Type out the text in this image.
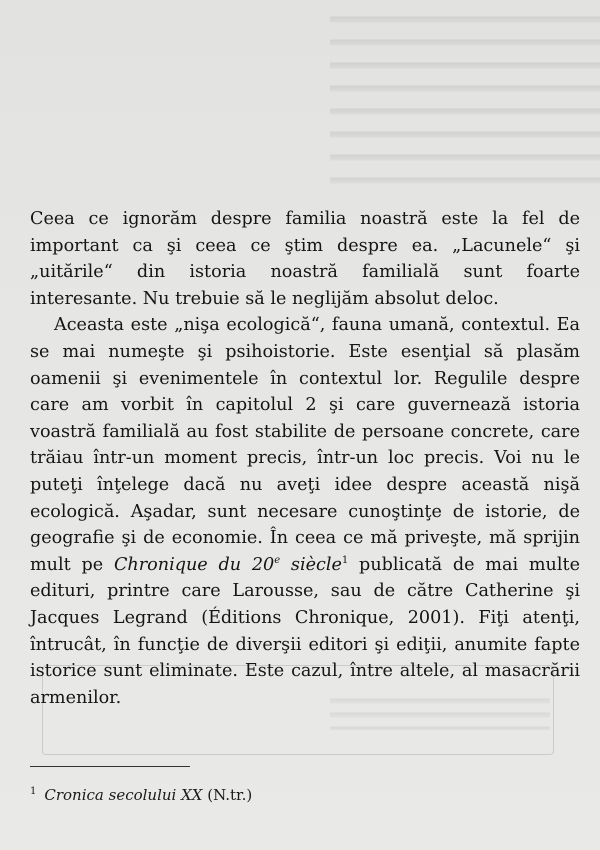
Ceea ce ignorăm despre familia noastră este la fel de important ca şi ceea ce ştim despre ea. „Lacunele“ şi „uitările“ din istoria noastră familială sunt foarte interesante. Nu trebuie să le neglijăm absolut deloc.

Aceasta este „nişa ecologică“, fauna umană, contextul. Ea se mai numeşte şi psihoistorie. Este esenţial să plasăm oamenii şi evenimentele în contextul lor. Regulile despre care am vorbit în capitolul 2 şi care guvernează istoria voastră familială au fost stabilite de persoane concrete, care trăiau într-un moment precis, într-un loc precis. Voi nu le puteţi înţelege dacă nu aveţi idee despre această nişă ecologică. Aşadar, sunt necesare cunoştinţe de istorie, de geografie şi de economie. În ceea ce mă priveşte, mă sprijin mult pe Chronique du 20e siècle$^1$ publicată de mai multe edituri, printre care Larousse, sau de către Catherine şi Jacques Legrand (Éditions Chronique, 2001). Fiţi atenţi, întrucât, în funcţie de diverşii editori şi ediţii, anumite fapte istorice sunt eliminate. Este cazul, între altele, al masacrării armenilor.

$^1$ Cronica secolului XX (N.tr.)
